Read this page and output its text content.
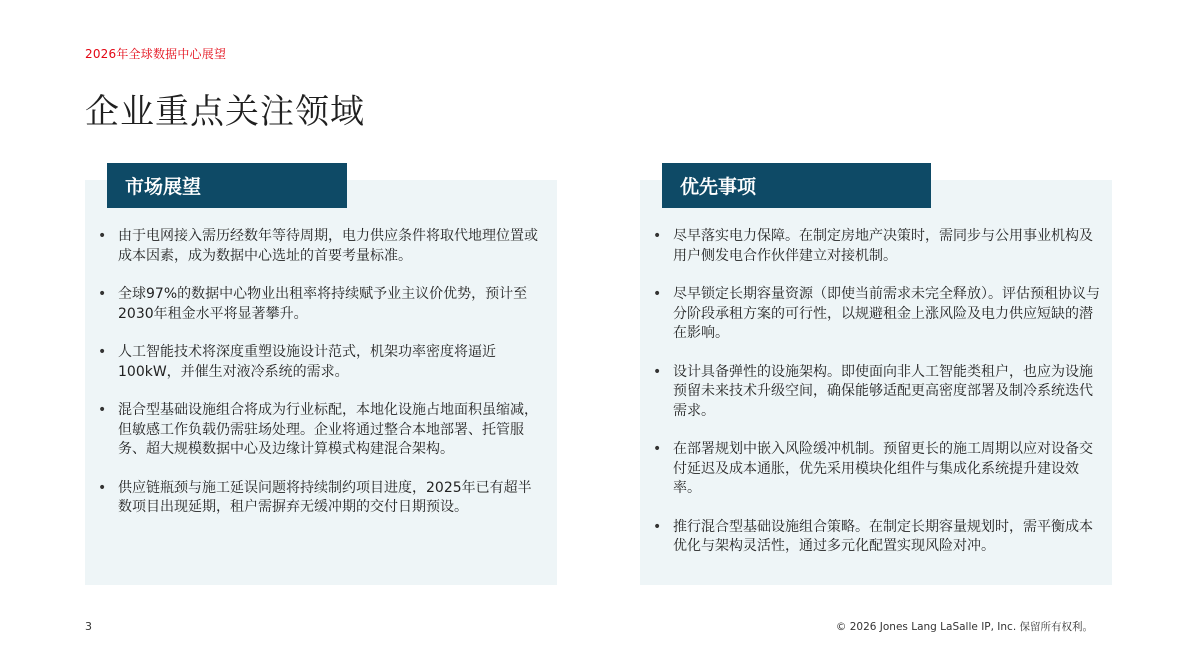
2026年全球数据中心展望
企业重点关注领域
市场展望
• 由于电网接入需历经数年等待周期，电力供应条件将取代地理位置或成本因素，成为数据中心选址的首要考量标准。
• 全球97%的数据中心物业出租率将持续赋予业主议价优势，预计至2030年租金水平将显著攀升。
• 人工智能技术将深度重塑设施设计范式，机架功率密度将逼近100kW，并催生对液冷系统的需求。
• 混合型基础设施组合将成为行业标配，本地化设施占地面积虽缩减，但敏感工作负载仍需驻场处理。企业将通过整合本地部署、托管服务、超大规模数据中心及边缘计算模式构建混合架构。
• 供应链瓶颈与施工延误问题将持续制约项目进度，2025年已有超半数项目出现延期，租户需摒弃无缓冲期的交付日期预设。
优先事项
• 尽早落实电力保障。在制定房地产决策时，需同步与公用事业机构及用户侧发电合作伙伴建立对接机制。
• 尽早锁定长期容量资源（即使当前需求未完全释放）。评估预租协议与分阶段承租方案的可行性，以规避租金上涨风险及电力供应短缺的潜在影响。
• 设计具备弹性的设施架构。即使面向非人工智能类租户，也应为设施预留未来技术升级空间，确保能够适配更高密度部署及制冷系统迭代需求。
• 在部署规划中嵌入风险缓冲机制。预留更长的施工周期以应对设备交付延迟及成本通胀，优先采用模块化组件与集成化系统提升建设效率。
• 推行混合型基础设施组合策略。在制定长期容量规划时，需平衡成本优化与架构灵活性，通过多元化配置实现风险对冲。
3	© 2026 Jones Lang LaSalle IP, Inc. 保留所有权利。
